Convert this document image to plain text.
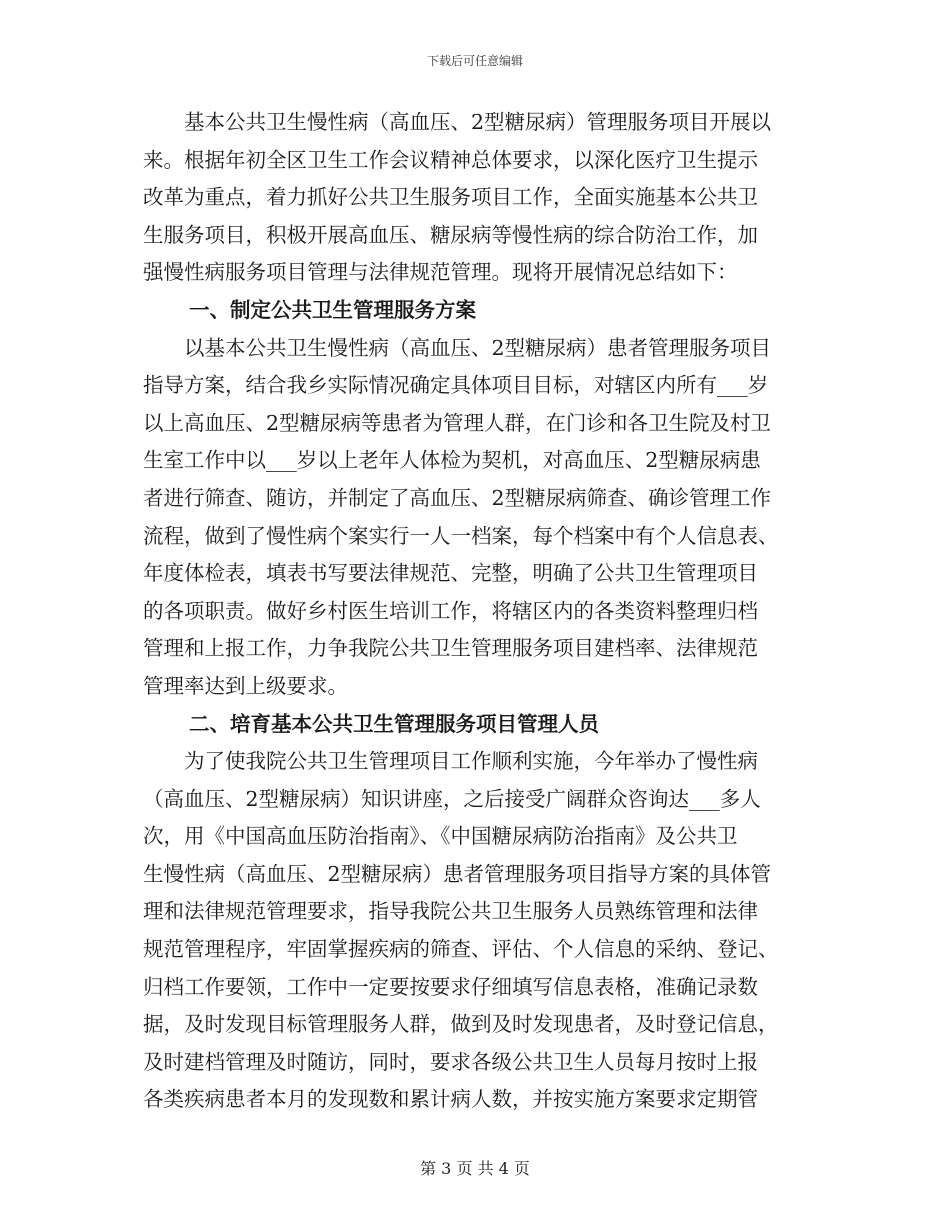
下载后可任意编辑
基本公共卫生慢性病（高血压、2型糖尿病）管理服务项目开展以
来。根据年初全区卫生工作会议精神总体要求，以深化医疗卫生提示
改革为重点，着力抓好公共卫生服务项目工作，全面实施基本公共卫
生服务项目，积极开展高血压、糖尿病等慢性病的综合防治工作，加
强慢性病服务项目管理与法律规范管理。现将开展情况总结如下：
一、制定公共卫生管理服务方案
以基本公共卫生慢性病（高血压、2型糖尿病）患者管理服务项目
指导方案，结合我乡实际情况确定具体项目目标，对辖区内所有___岁
以上高血压、2型糖尿病等患者为管理人群，在门诊和各卫生院及村卫
生室工作中以___岁以上老年人体检为契机，对高血压、2型糖尿病患
者进行筛查、随访，并制定了高血压、2型糖尿病筛查、确诊管理工作
流程，做到了慢性病个案实行一人一档案，每个档案中有个人信息表、
年度体检表，填表书写要法律规范、完整，明确了公共卫生管理项目
的各项职责。做好乡村医生培训工作，将辖区内的各类资料整理归档
管理和上报工作，力争我院公共卫生管理服务项目建档率、法律规范
管理率达到上级要求。
二、培育基本公共卫生管理服务项目管理人员
为了使我院公共卫生管理项目工作顺利实施，今年举办了慢性病
（高血压、2型糖尿病）知识讲座，之后接受广阔群众咨询达___多人
次，用《中国高血压防治指南》、《中国糖尿病防治指南》及公共卫
生慢性病（高血压、2型糖尿病）患者管理服务项目指导方案的具体管
理和法律规范管理要求，指导我院公共卫生服务人员熟练管理和法律
规范管理程序，牢固掌握疾病的筛查、评估、个人信息的采纳、登记、
归档工作要领，工作中一定要按要求仔细填写信息表格，准确记录数
据，及时发现目标管理服务人群，做到及时发现患者，及时登记信息，
及时建档管理及时随访，同时，要求各级公共卫生人员每月按时上报
各类疾病患者本月的发现数和累计病人数，并按实施方案要求定期管
第 3 页 共 4 页
